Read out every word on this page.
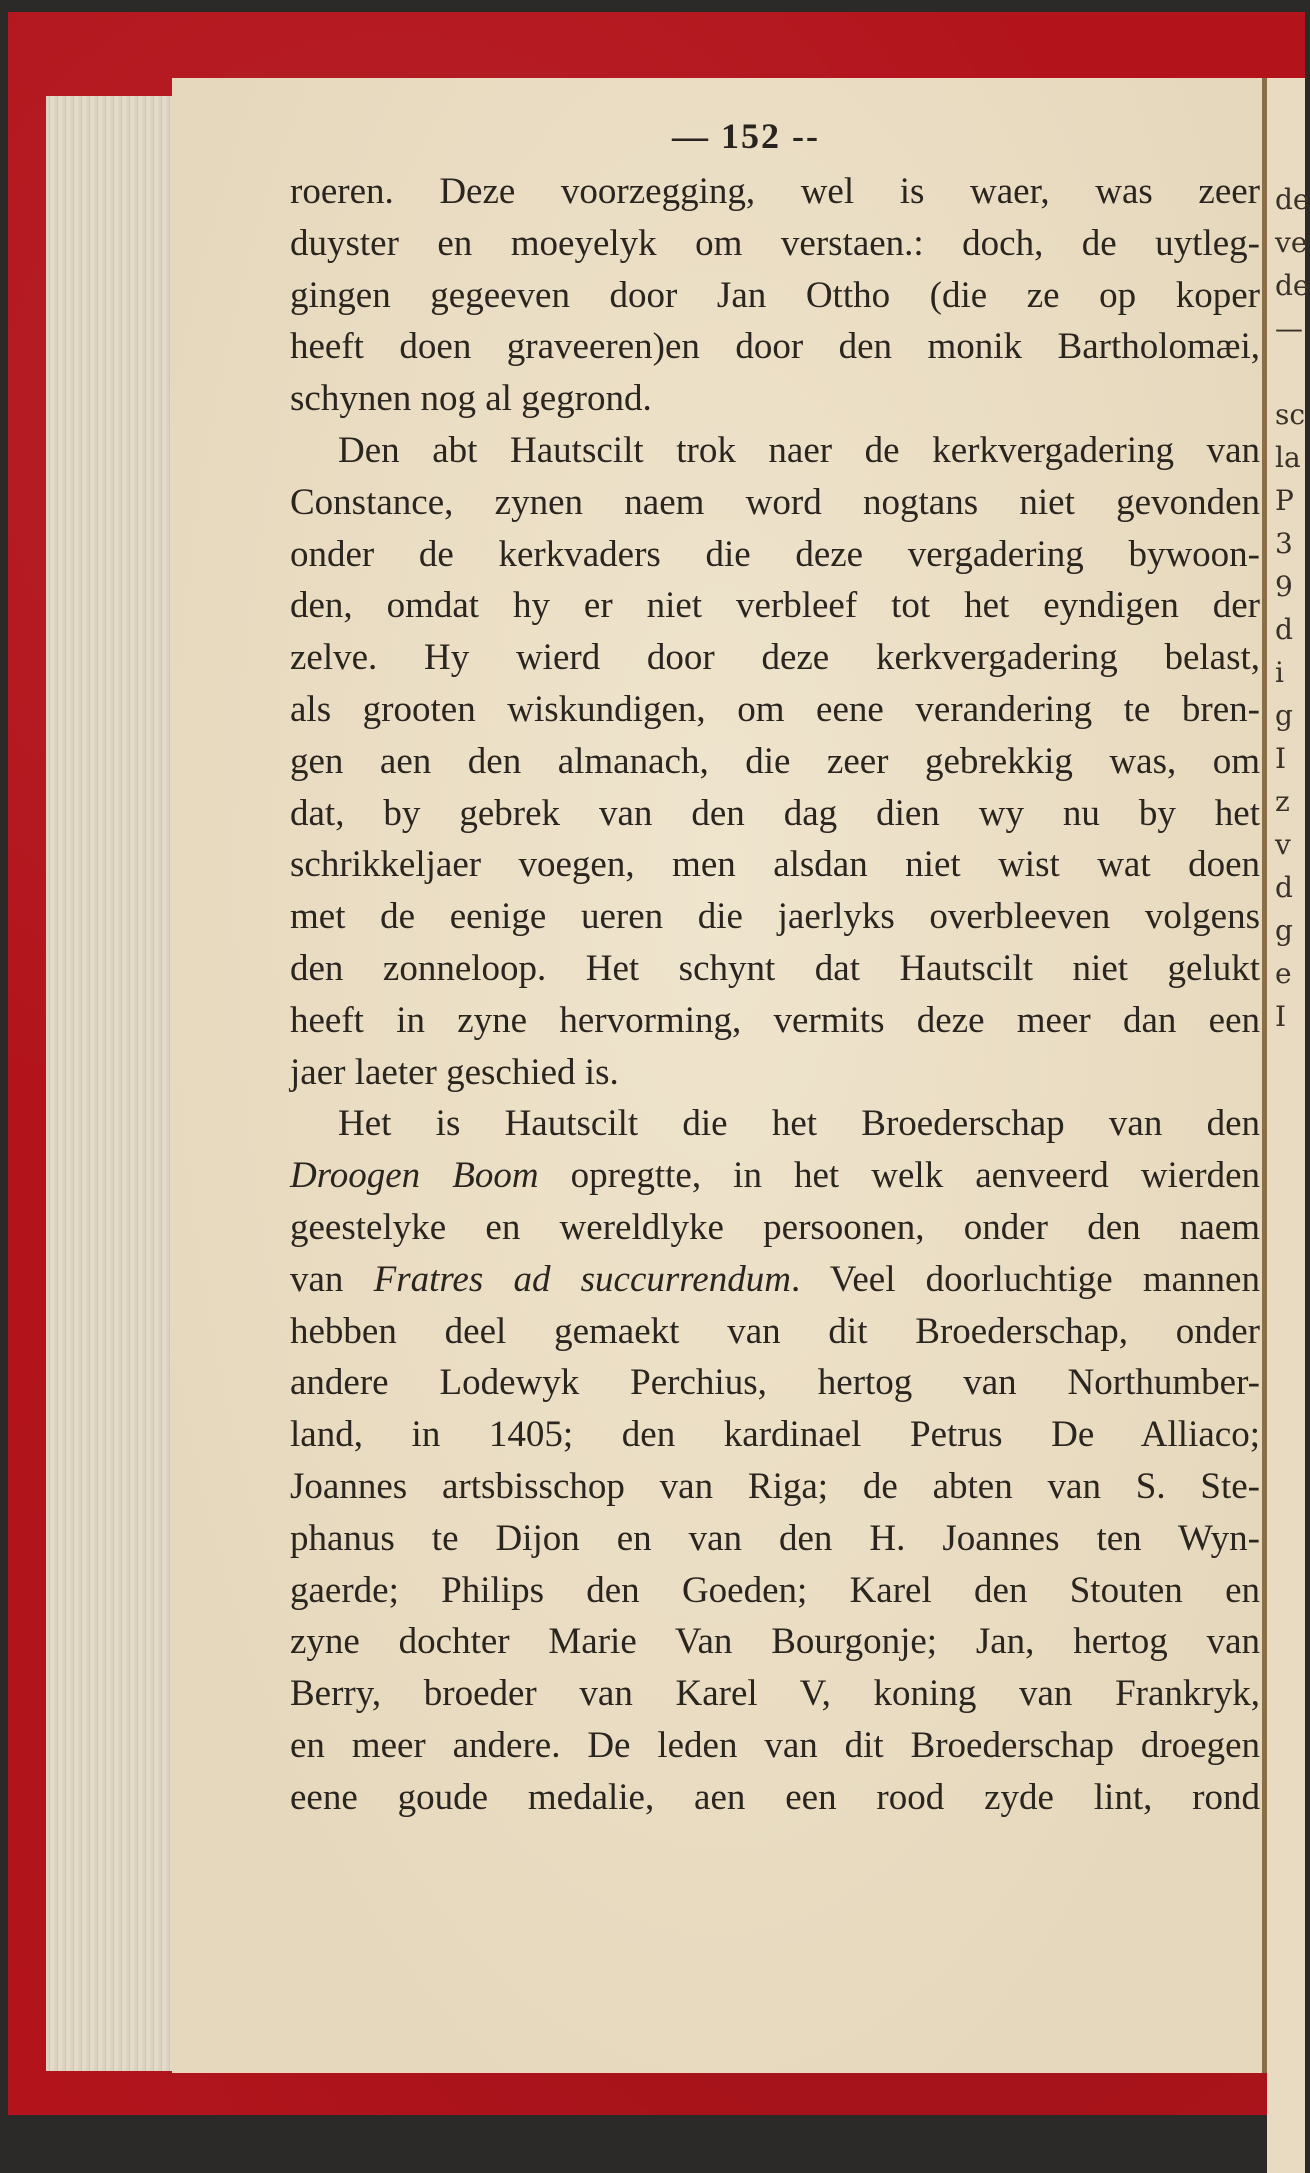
de
ve
de
—

sc
la
P
3
9
d
i
g
I
z
v
d
g
e
I
— 152 --
roeren. Deze voorzegging, wel is waer, was zeer
duyster en moeyelyk om verstaen.: doch, de uytleg-
gingen gegeeven door Jan Ottho (die ze op koper
heeft doen graveeren)en door den monik Bartholomæi,
schynen nog al gegrond.
Den abt Hautscilt trok naer de kerkvergadering van
Constance, zynen naem word nogtans niet gevonden
onder de kerkvaders die deze vergadering bywoon-
den, omdat hy er niet verbleef tot het eyndigen der
zelve. Hy wierd door deze kerkvergadering belast,
als grooten wiskundigen, om eene verandering te bren-
gen aen den almanach, die zeer gebrekkig was, om
dat, by gebrek van den dag dien wy nu by het
schrikkeljaer voegen, men alsdan niet wist wat doen
met de eenige ueren die jaerlyks overbleeven volgens
den zonneloop. Het schynt dat Hautscilt niet gelukt
heeft in zyne hervorming, vermits deze meer dan een
jaer laeter geschied is.
Het is Hautscilt die het Broederschap van den
Droogen Boom opregtte, in het welk aenveerd wierden
geestelyke en wereldlyke persoonen, onder den naem
van Fratres ad succurrendum. Veel doorluchtige mannen
hebben deel gemaekt van dit Broederschap, onder
andere Lodewyk Perchius, hertog van Northumber-
land, in 1405; den kardinael Petrus De Alliaco;
Joannes artsbisschop van Riga; de abten van S. Ste-
phanus te Dijon en van den H. Joannes ten Wyn-
gaerde; Philips den Goeden; Karel den Stouten en
zyne dochter Marie Van Bourgonje; Jan, hertog van
Berry, broeder van Karel V, koning van Frankryk,
en meer andere. De leden van dit Broederschap droegen
eene goude medalie, aen een rood zyde lint, rond
